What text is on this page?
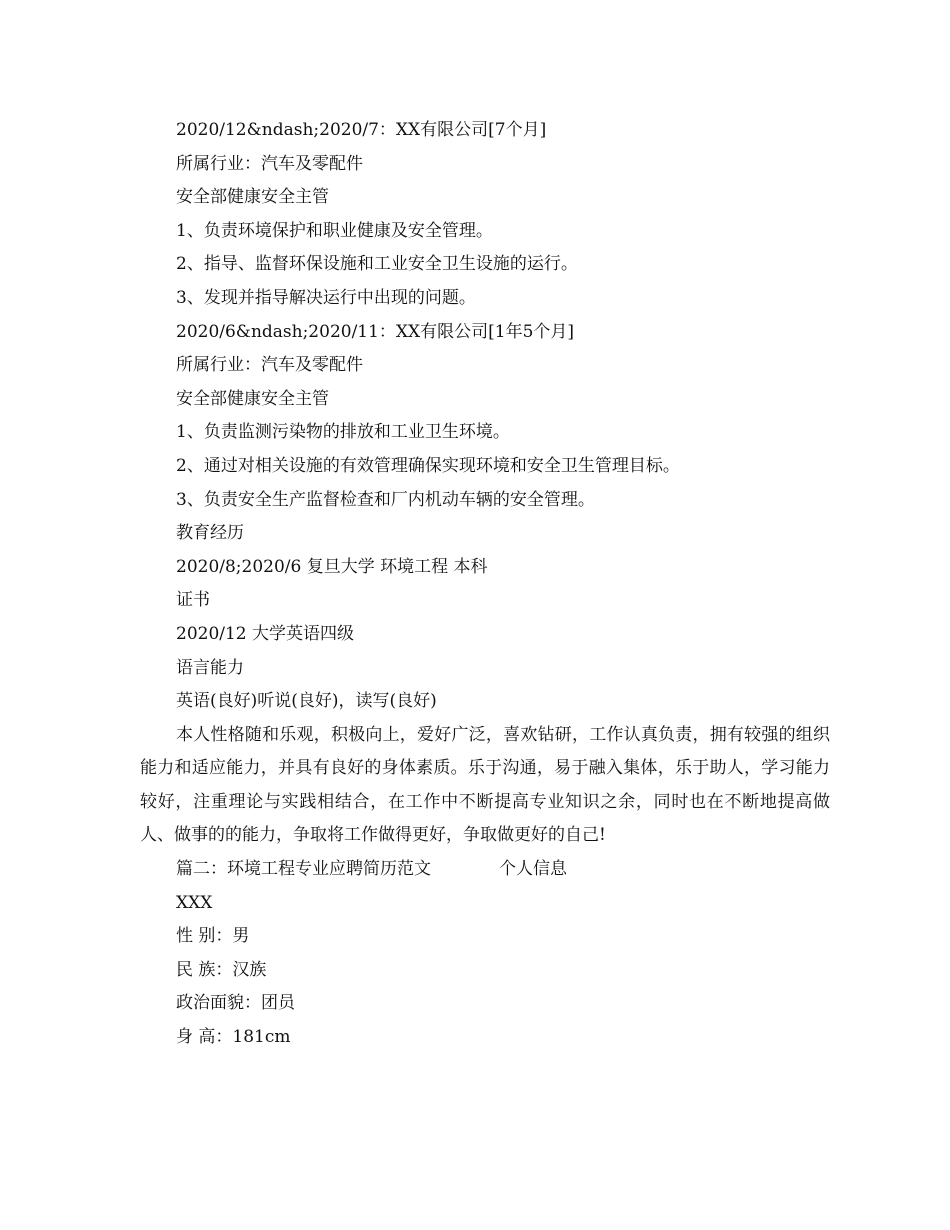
2020/12&ndash;2020/7：XX有限公司[7个月]
所属行业：汽车及零配件
安全部健康安全主管
1、负责环境保护和职业健康及安全管理。
2、指导、监督环保设施和工业安全卫生设施的运行。
3、发现并指导解决运行中出现的问题。
2020/6&ndash;2020/11：XX有限公司[1年5个月]
所属行业：汽车及零配件
安全部健康安全主管
1、负责监测污染物的排放和工业卫生环境。
2、通过对相关设施的有效管理确保实现环境和安全卫生管理目标。
3、负责安全生产监督检查和厂内机动车辆的安全管理。
教育经历
2020/8;2020/6 复旦大学 环境工程 本科
证书
2020/12 大学英语四级
语言能力
英语(良好)听说(良好)，读写(良好)

本人性格随和乐观，积极向上，爱好广泛，喜欢钻研，工作认真负责，拥有较强的组织能力和适应能力，并具有良好的身体素质。乐于沟通，易于融入集体，乐于助人，学习能力较好，注重理论与实践相结合，在工作中不断提高专业知识之余，同时也在不断地提高做人、做事的的能力，争取将工作做得更好，争取做更好的自己!

篇二：环境工程专业应聘简历范文	个人信息
XXX
性 别：男
民 族：汉族
政治面貌：团员
身 高：181cm
